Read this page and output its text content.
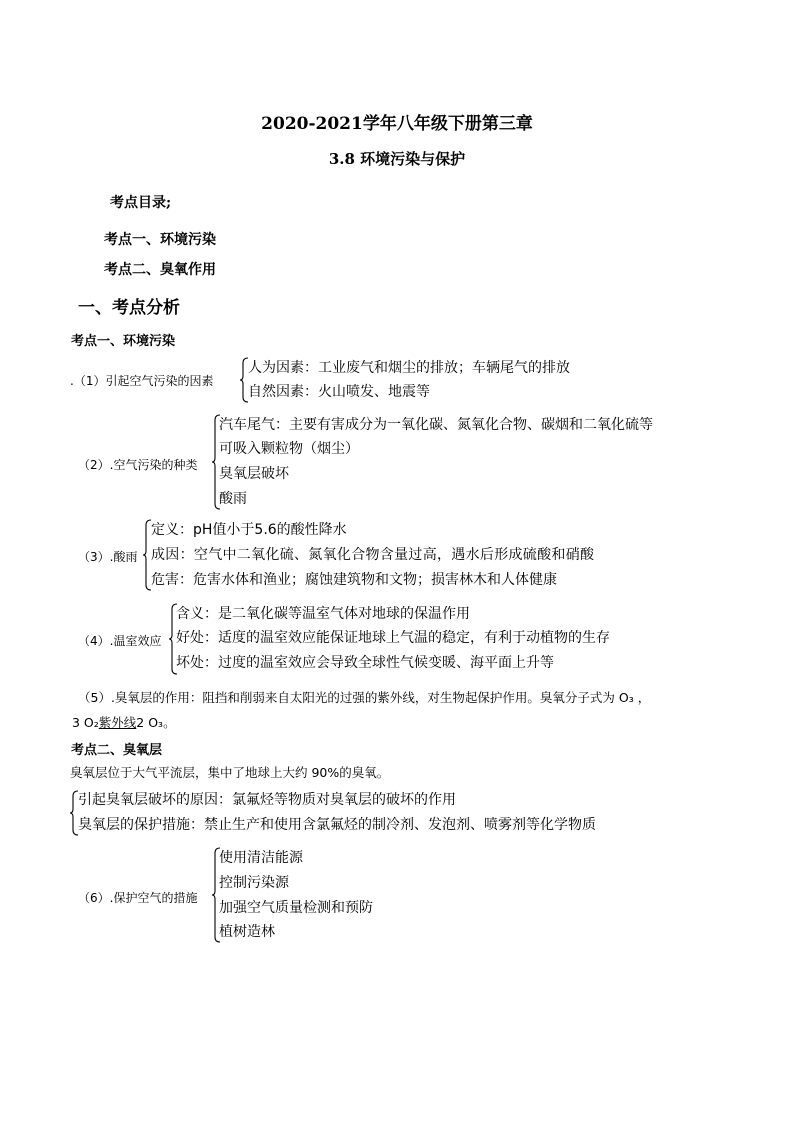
2020-2021学年八年级下册第三章
3.8 环境污染与保护
考点目录;
考点一、环境污染
考点二、臭氧作用
一、考点分析
考点一、环境污染
.（1）引起空气污染的因素
人为因素：工业废气和烟尘的排放；车辆尾气的排放
自然因素：火山喷发、地震等
（2）.空气污染的种类
汽车尾气：主要有害成分为一氧化碳、氮氧化合物、碳烟和二氧化硫等
可吸入颗粒物（烟尘）
臭氧层破坏
酸雨
（3）.酸雨
定义：pH值小于5.6的酸性降水
成因：空气中二氧化硫、氮氧化合物含量过高，遇水后形成硫酸和硝酸
危害：危害水体和渔业；腐蚀建筑物和文物；损害林木和人体健康
（4）.温室效应
含义：是二氧化碳等温室气体对地球的保温作用
好处：适度的温室效应能保证地球上气温的稳定，有利于动植物的生存
坏处：过度的温室效应会导致全球性气候变暖、海平面上升等
（5）.臭氧层的作用：阻挡和削弱来自太阳光的过强的紫外线，对生物起保护作用。臭氧分子式为 O₃ ，
3 O₂紫外线2 O₃。
考点二、臭氧层
臭氧层位于大气平流层，集中了地球上大约 90%的臭氧。
引起臭氧层破坏的原因：氯氟烃等物质对臭氧层的破坏的作用
臭氧层的保护措施：禁止生产和使用含氯氟烃的制冷剂、发泡剂、喷雾剂等化学物质
（6）.保护空气的措施
使用清洁能源
控制污染源
加强空气质量检测和预防
植树造林
